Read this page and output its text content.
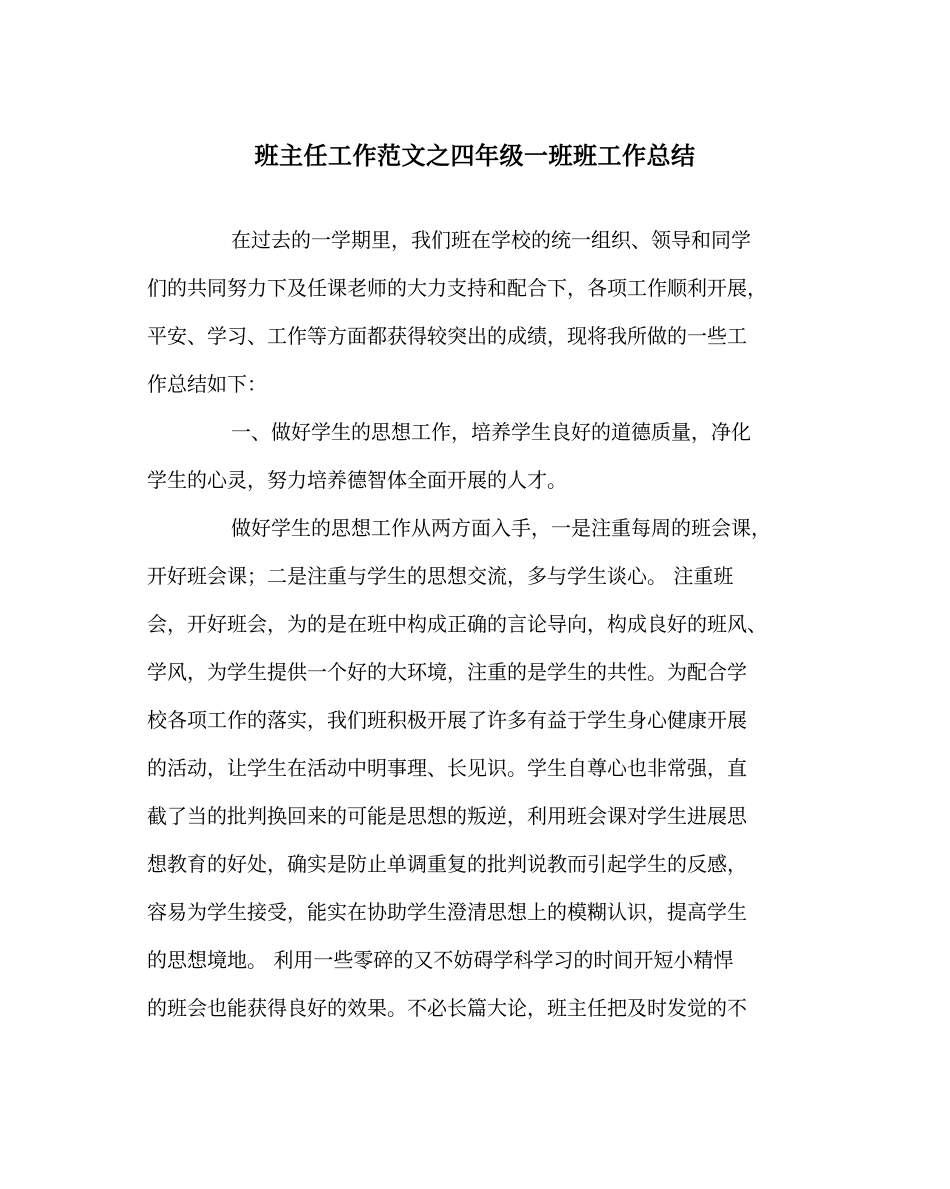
班主任工作范文之四年级一班班工作总结

在过去的一学期里，我们班在学校的统一组织、领导和同学

们的共同努力下及任课老师的大力支持和配合下，各项工作顺利开展，

平安、学习、工作等方面都获得较突出的成绩，现将我所做的一些工

作总结如下：

一、做好学生的思想工作，培养学生良好的道德质量，净化

学生的心灵，努力培养德智体全面开展的人才。

做好学生的思想工作从两方面入手，一是注重每周的班会课，

开好班会课；二是注重与学生的思想交流，多与学生谈心。 注重班

会，开好班会，为的是在班中构成正确的言论导向，构成良好的班风、

学风，为学生提供一个好的大环境，注重的是学生的共性。为配合学

校各项工作的落实，我们班积极开展了许多有益于学生身心健康开展

的活动，让学生在活动中明事理、长见识。学生自尊心也非常强，直

截了当的批判换回来的可能是思想的叛逆，利用班会课对学生进展思

想教育的好处，确实是防止单调重复的批判说教而引起学生的反感，

容易为学生接受，能实在协助学生澄清思想上的模糊认识，提高学生

的思想境地。 利用一些零碎的又不妨碍学科学习的时间开短小精悍

的班会也能获得良好的效果。不必长篇大论，班主任把及时发觉的不
